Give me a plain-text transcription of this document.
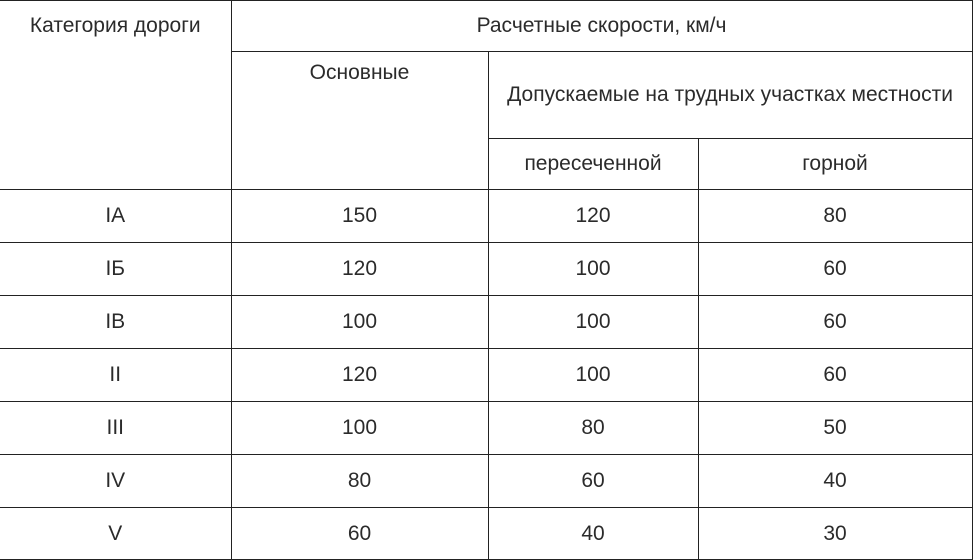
Категория дороги	Расчетные скорости, км/ч		
	Основные	Допускаемые на трудных участках местности	
		пересеченной	горной
IA	150	120	80
IБ	120	100	60
IB	100	100	60
II	120	100	60
III	100	80	50
IV	80	60	40
V	60	40	30
